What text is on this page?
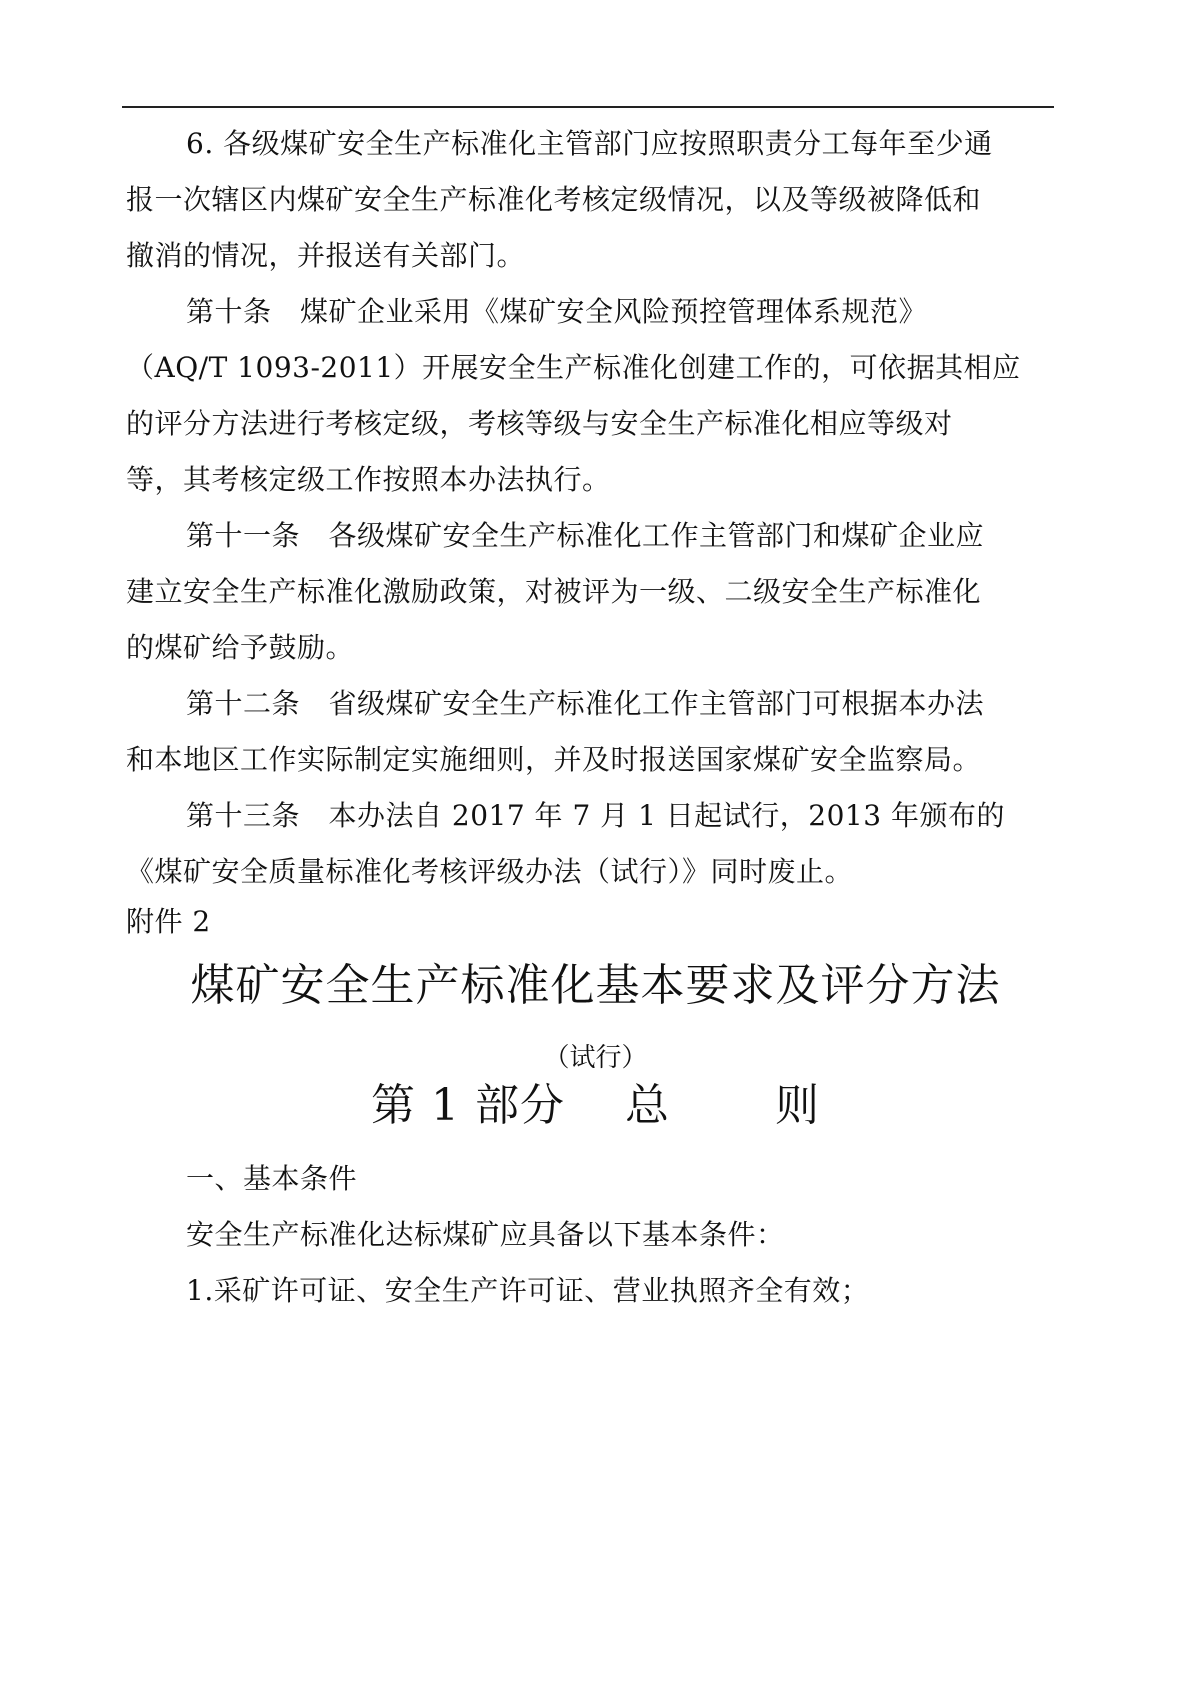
6. 各级煤矿安全生产标准化主管部门应按照职责分工每年至少通
报一次辖区内煤矿安全生产标准化考核定级情况，以及等级被降低和
撤消的情况，并报送有关部门。
第十条　煤矿企业采用《煤矿安全风险预控管理体系规范》
（AQ/T 1093-2011）开展安全生产标准化创建工作的，可依据其相应
的评分方法进行考核定级，考核等级与安全生产标准化相应等级对
等，其考核定级工作按照本办法执行。
第十一条　各级煤矿安全生产标准化工作主管部门和煤矿企业应
建立安全生产标准化激励政策，对被评为一级、二级安全生产标准化
的煤矿给予鼓励。
第十二条　省级煤矿安全生产标准化工作主管部门可根据本办法
和本地区工作实际制定实施细则，并及时报送国家煤矿安全监察局。
第十三条　本办法自 2017 年 7 月 1 日起试行，2013 年颁布的
《煤矿安全质量标准化考核评级办法（试行）》同时废止。
附件 2
煤矿安全生产标准化基本要求及评分方法
（试行）
第 1 部分　 总　　 则
一、基本条件
安全生产标准化达标煤矿应具备以下基本条件：
1.采矿许可证、安全生产许可证、营业执照齐全有效；
